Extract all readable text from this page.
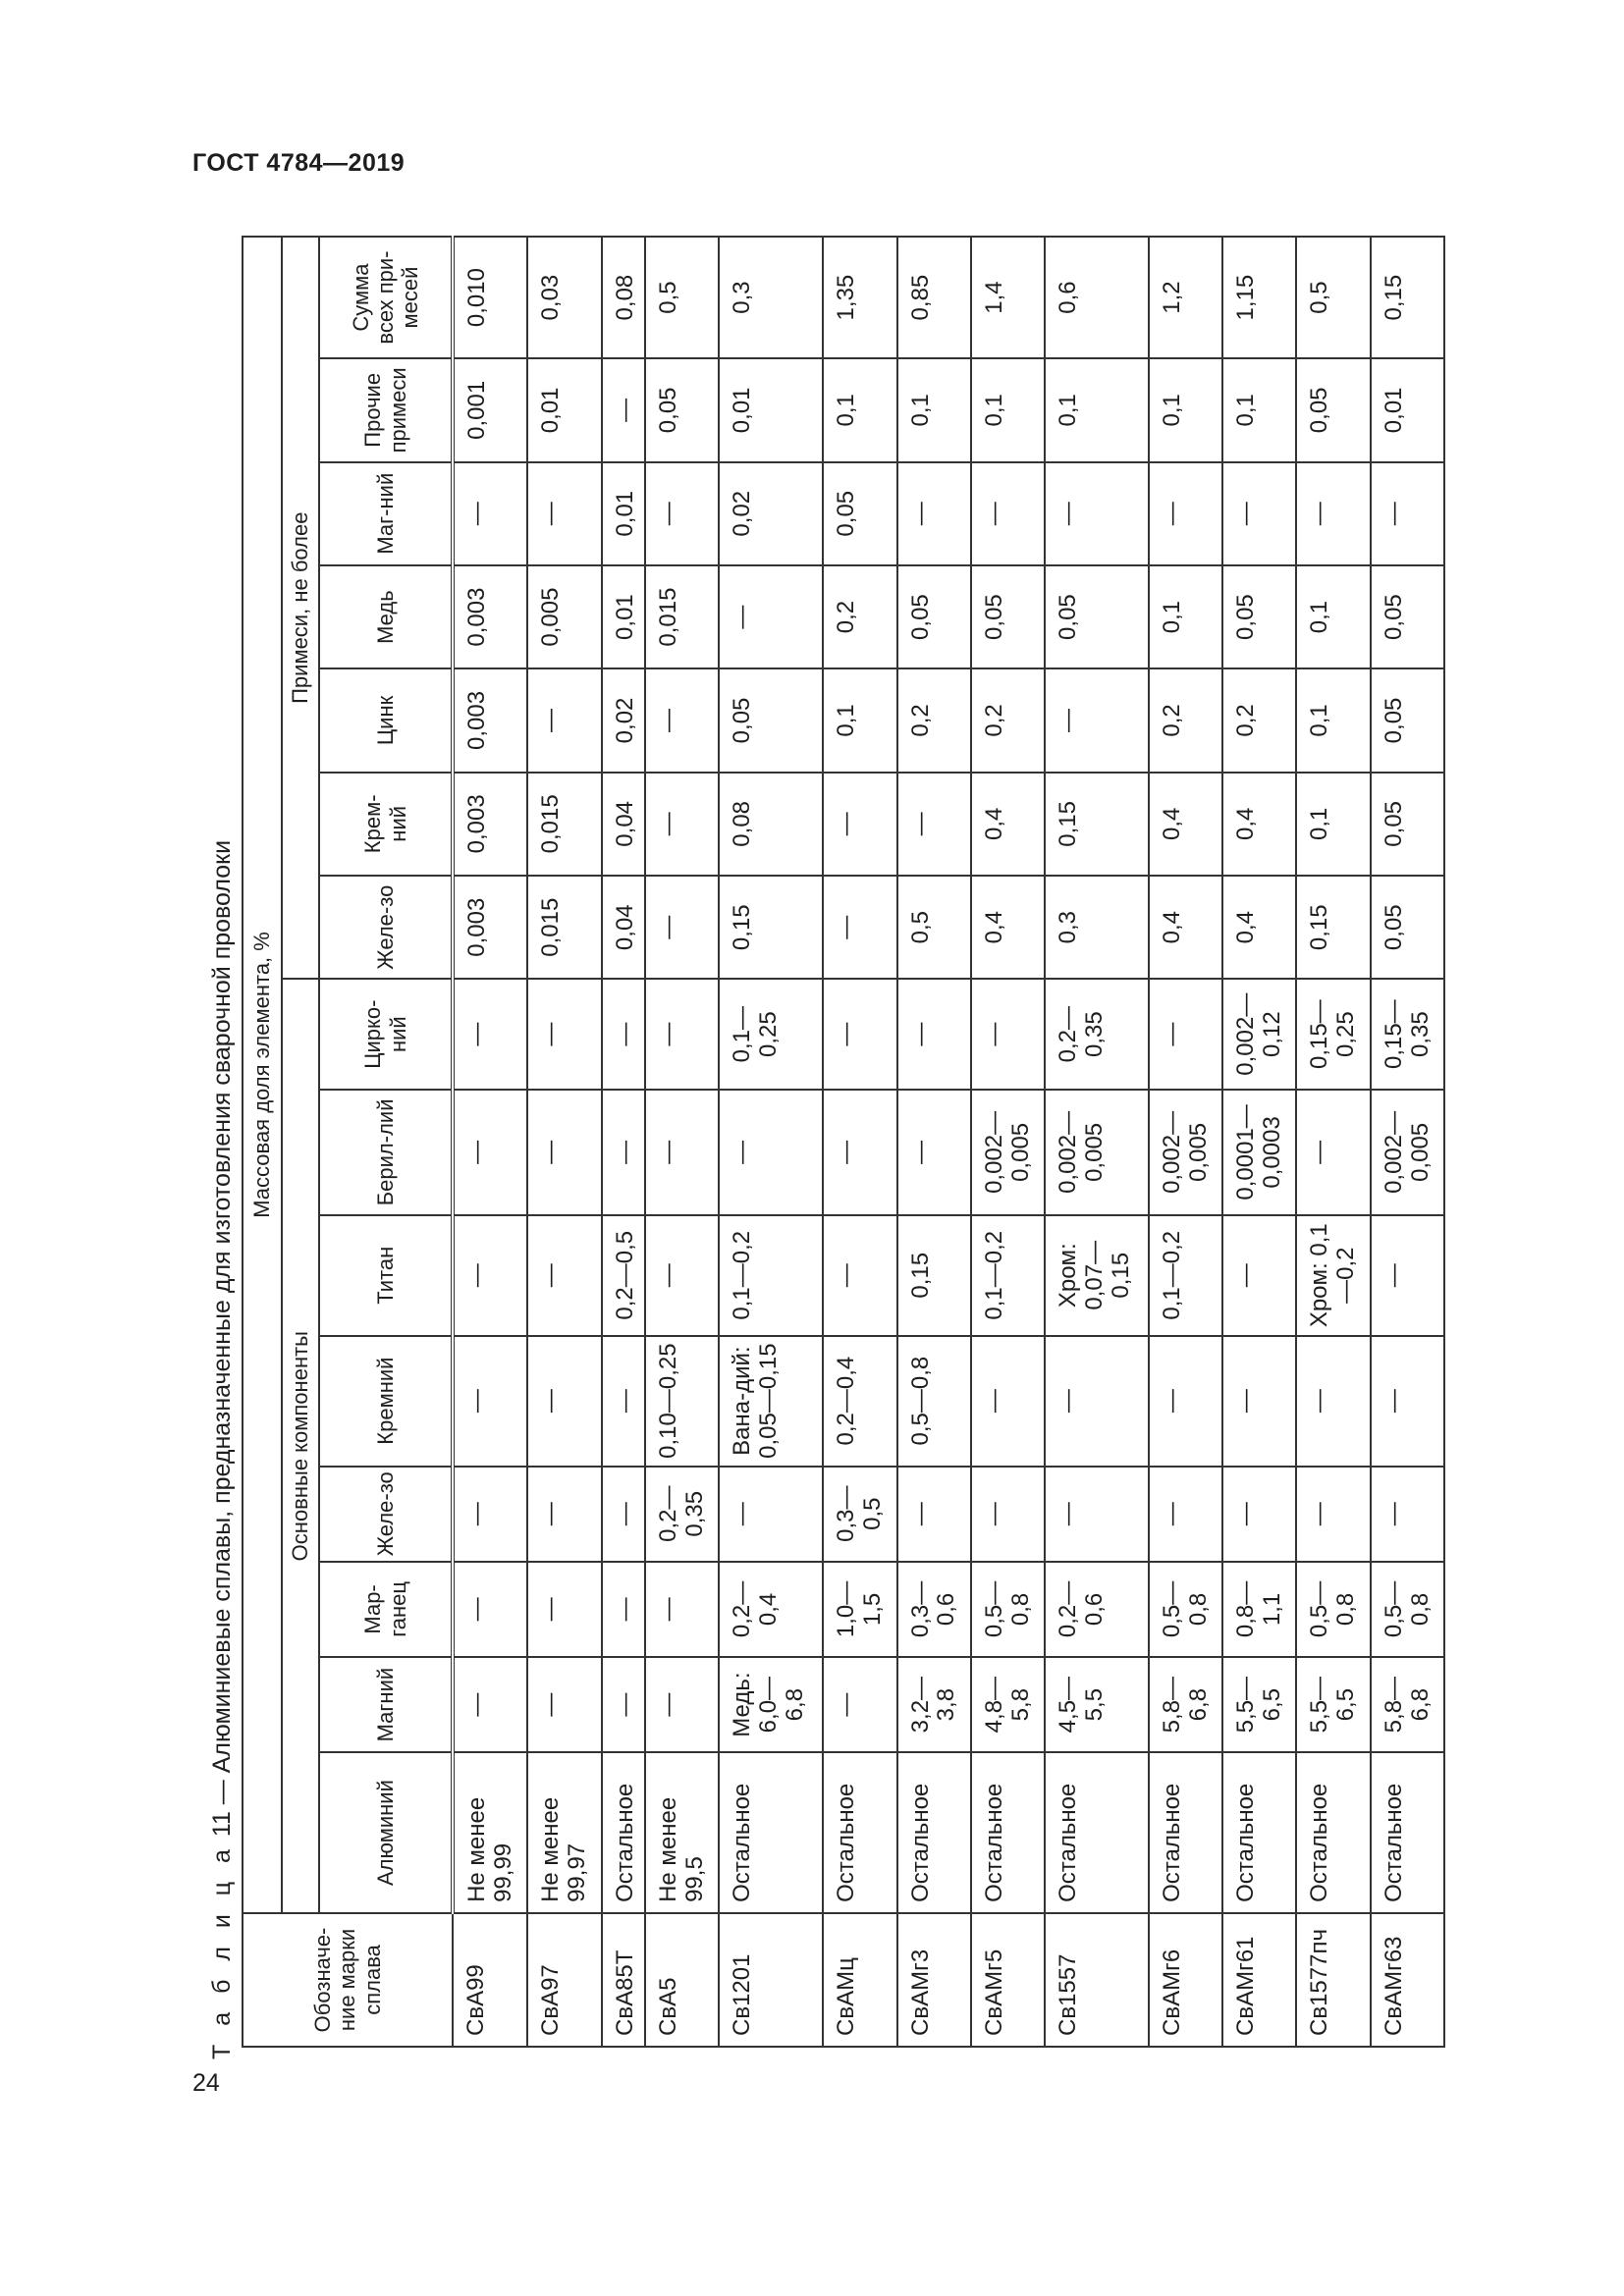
ГОСТ 4784—2019
24
Т а б л и ц а 11 — Алюминиевые сплавы, предназначенные для изготовления сварочной проволоки
Обозначе-ние марки сплава	Массовая доля элемента, %														
	Основные компоненты								Примеси, не более						
	Алюминий	Магний	Мар-ганец	Желе-зо	Кремний	Титан	Берил-лий	Цирко-ний	Желе-зо	Крем-ний	Цинк	Медь	Маг-ний	Прочие примеси	Сумма всех при-месей
СвА99	Не менее 99,99	—	—	—	—	—	—	—	0,003	0,003	0,003	0,003	—	0,001	0,010
СвА97	Не менее 99,97	—	—	—	—	—	—	—	0,015	0,015	—	0,005	—	0,01	0,03
СвА85Т	Остальное	—	—	—	—	0,2—0,5	—	—	0,04	0,04	0,02	0,01	0,01	—	0,08
СвА5	Не менее 99,5	—	—	0,2—0,35	0,10—0,25	—	—	—	—	—	—	0,015	—	0,05	0,5
Св1201	Остальное	Медь: 6,0—6,8	0,2—0,4	—	Вана-дий: 0,05—0,15	0,1—0,2	—	0,1—0,25	0,15	0,08	0,05	—	0,02	0,01	0,3
СвАМц	Остальное	—	1,0—1,5	0,3—0,5	0,2—0,4	—	—	—	—	—	0,1	0,2	0,05	0,1	1,35
СвАМг3	Остальное	3,2—3,8	0,3—0,6	—	0,5—0,8	0,15	—	—	0,5	—	0,2	0,05	—	0,1	0,85
СвАМг5	Остальное	4,8—5,8	0,5—0,8	—	—	0,1—0,2	0,002—0,005	—	0,4	0,4	0,2	0,05	—	0,1	1,4
Св1557	Остальное	4,5—5,5	0,2—0,6	—	—	Хром: 0,07—0,15	0,002—0,005	0,2—0,35	0,3	0,15	—	0,05	—	0,1	0,6
СвАМг6	Остальное	5,8—6,8	0,5—0,8	—	—	0,1—0,2	0,002—0,005	—	0,4	0,4	0,2	0,1	—	0,1	1,2
СвАМг61	Остальное	5,5—6,5	0,8—1,1	—	—	—	0,0001—0,0003	0,002—0,12	0,4	0,4	0,2	0,05	—	0,1	1,15
Св1577пч	Остальное	5,5—6,5	0,5—0,8	—	—	Хром: 0,1—0,2	—	0,15—0,25	0,15	0,1	0,1	0,1	—	0,05	0,5
СвАМг63	Остальное	5,8—6,8	0,5—0,8	—	—	—	0,002—0,005	0,15—0,35	0,05	0,05	0,05	0,05	—	0,01	0,15
